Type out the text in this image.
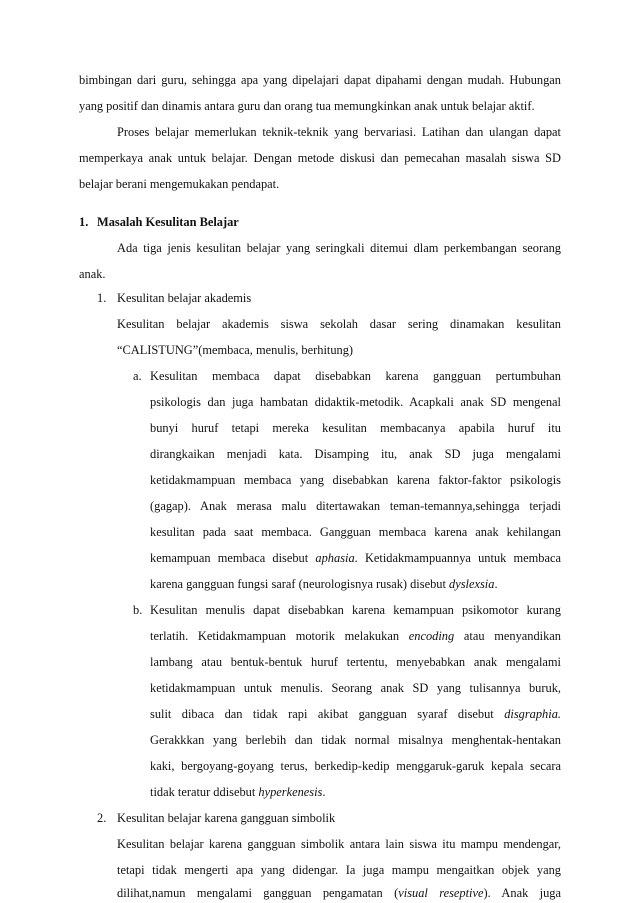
bimbingan dari guru, sehingga apa yang dipelajari dapat dipahami dengan mudah. Hubungan
yang positif dan dinamis antara guru dan orang tua memungkinkan anak untuk belajar aktif.
Proses belajar memerlukan teknik-teknik yang bervariasi. Latihan dan ulangan dapat
memperkaya anak untuk belajar. Dengan metode diskusi dan pemecahan masalah siswa SD
belajar berani mengemukakan pendapat.
1. Masalah Kesulitan Belajar
Ada tiga jenis kesulitan belajar yang seringkali ditemui dlam perkembangan seorang
anak.
1. Kesulitan belajar akademis
Kesulitan belajar akademis siswa sekolah dasar sering dinamakan kesulitan
“CALISTUNG”(membaca, menulis, berhitung)
a. Kesulitan membaca dapat disebabkan karena gangguan pertumbuhan
psikologis dan juga hambatan didaktik-metodik. Acapkali anak SD mengenal
bunyi huruf tetapi mereka kesulitan membacanya apabila huruf itu
dirangkaikan menjadi kata. Disamping itu, anak SD juga mengalami
ketidakmampuan membaca yang disebabkan karena faktor-faktor psikologis
(gagap). Anak merasa malu ditertawakan teman-temannya,sehingga terjadi
kesulitan pada saat membaca. Gangguan membaca karena anak kehilangan
kemampuan membaca disebut aphasia. Ketidakmampuannya untuk membaca
karena gangguan fungsi saraf (neurologisnya rusak) disebut dyslexsia.
b. Kesulitan menulis dapat disebabkan karena kemampuan psikomotor kurang
terlatih. Ketidakmampuan motorik melakukan encoding atau menyandikan
lambang atau bentuk-bentuk huruf tertentu, menyebabkan anak mengalami
ketidakmampuan untuk menulis. Seorang anak SD yang tulisannya buruk,
sulit dibaca dan tidak rapi akibat gangguan syaraf disebut disgraphia.
Gerakkkan yang berlebih dan tidak normal misalnya menghentak-hentakan
kaki, bergoyang-goyang terus, berkedip-kedip menggaruk-garuk kepala secara
tidak teratur ddisebut hyperkenesis.
2. Kesulitan belajar karena gangguan simbolik
Kesulitan belajar karena gangguan simbolik antara lain siswa itu mampu mendengar,
tetapi tidak mengerti apa yang didengar. Ia juga mampu mengaitkan objek yang
dilihat,namun mengalami gangguan pengamatan (visual reseptive). Anak juga
